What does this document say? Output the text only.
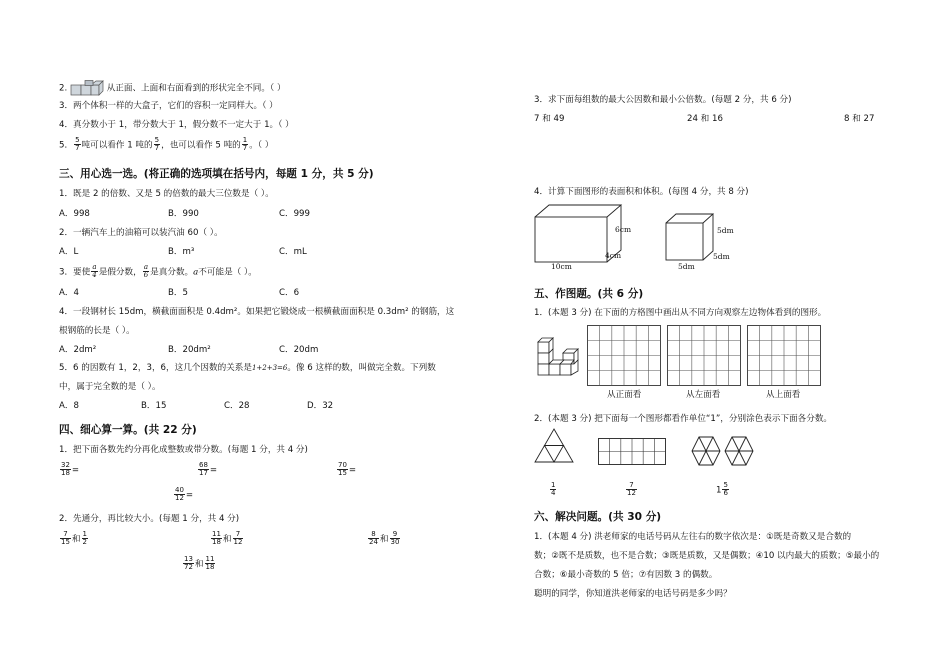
2.	从正面、上面和右面看到的形状完全不同。（ ）
3．两个体积一样的大盒子，它们的容积一定同样大。（ ）
4．真分数小于 1，带分数大于 1，假分数不一定大于 1。（ ）
5． $\frac{5}{7}$ 吨可以看作 1 吨的 $\frac{5}{7}$ ，也可以看作 5 吨的 $\frac{1}{7}$ 。（ ）
三、用心选一选。(将正确的选项填在括号内，每题 1 分，共 5 分)
1．既是 2 的倍数、又是 5 的倍数的最大三位数是（ ）。
A．998	B．990	C．999
2．一辆汽车上的油箱可以装汽油 60（ ）。
A．L	B．m³	C．mL
3．要使 $\frac{a}{4}$ 是假分数， $\frac{a}{6}$ 是真分数。a不可能是（ ）。
A．4	B．5	C．6
4．一段钢材长 15dm，横截面面积是 0.4dm²。如果把它锻烧成一根横截面面积是 0.3dm² 的钢筋，这
根钢筋的长是（ ）。
A．2dm²	B．20dm²	C．20dm
5．6 的因数有 1，2，3，6，这几个因数的关系是1+2+3=6。像 6 这样的数，叫做完全数。下列数
中，属于完全数的是（ ）。
A．8	B．15	C．28	D．32
四、细心算一算。(共 22 分)
1．把下面各数先约分再化成整数或带分数。(每题 1 分，共 4 分)
$\frac{32}{18}$ =	$\frac{68}{17}$ =	$\frac{70}{15}$ =
$\frac{40}{12}$ =
2．先通分，再比较大小。(每题 1 分，共 4 分)
$\frac{7}{15}$ 和 $\frac{1}{2}$	$\frac{11}{18}$ 和 $\frac{7}{12}$	$\frac{8}{24}$ 和 $\frac{9}{30}$
$\frac{13}{72}$ 和 $\frac{11}{18}$
3．求下面每组数的最大公因数和最小公倍数。(每题 2 分，共 6 分)
7 和 49	24 和 16	8 和 27
4．计算下面图形的表面积和体积。(每图 4 分，共 8 分)
6cm
4cm
10cm
5dm
5dm
5dm
五、作图题。(共 6 分)
1．(本题 3 分) 在下面的方格图中画出从不同方向观察左边物体看到的图形。
从正面看	从左面看	从上面看
2．(本题 3 分) 把下面每一个图形都看作单位“1”，分别涂色表示下面各分数。
$\frac{1}{4}$	$\frac{7}{12}$	$1 \frac{5}{6}$
六、解决问题。(共 30 分)
1．(本题 4 分) 洪老师家的电话号码从左往右的数字依次是：①既是奇数又是合数的
数；②既不是质数，也不是合数；③既是质数，又是偶数；④10 以内最大的质数；⑤最小的
合数；⑥最小奇数的 5 倍；⑦有因数 3 的偶数。
聪明的同学，你知道洪老师家的电话号码是多少吗？
